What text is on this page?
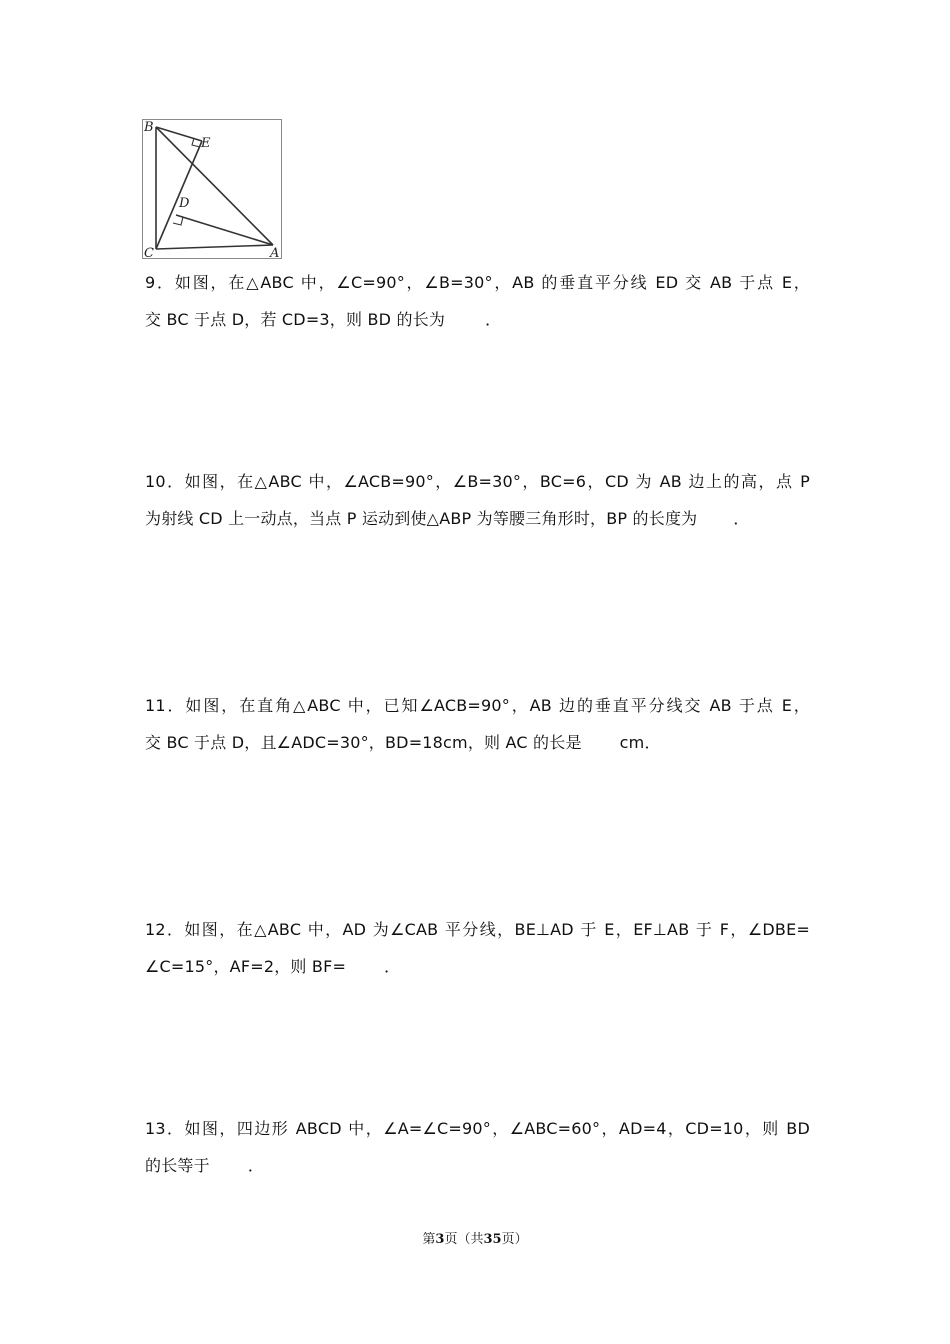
B
E
D
C	A
9．如图，在△ABC 中，∠C=90°，∠B=30°，AB 的垂直平分线 ED 交 AB 于点 E，
交 BC 于点 D，若 CD=3，则 BD 的长为	．
10．如图，在△ABC 中，∠ACB=90°，∠B=30°，BC=6，CD 为 AB 边上的高，点 P
为射线 CD 上一动点，当点 P 运动到使△ABP 为等腰三角形时，BP 的长度为 ．
11．如图，在直角△ABC 中，已知∠ACB=90°，AB 边的垂直平分线交 AB 于点 E，
交 BC 于点 D，且∠ADC=30°，BD=18cm，则 AC 的长是 cm．
12．如图，在△ABC 中，AD 为∠CAB 平分线，BE⊥AD 于 E，EF⊥AB 于 F，∠DBE=
∠C=15°，AF=2，则 BF= ．
13．如图，四边形 ABCD 中，∠A=∠C=90°，∠ABC=60°，AD=4，CD=10，则 BD
的长等于 ．
第3页（共35页）
